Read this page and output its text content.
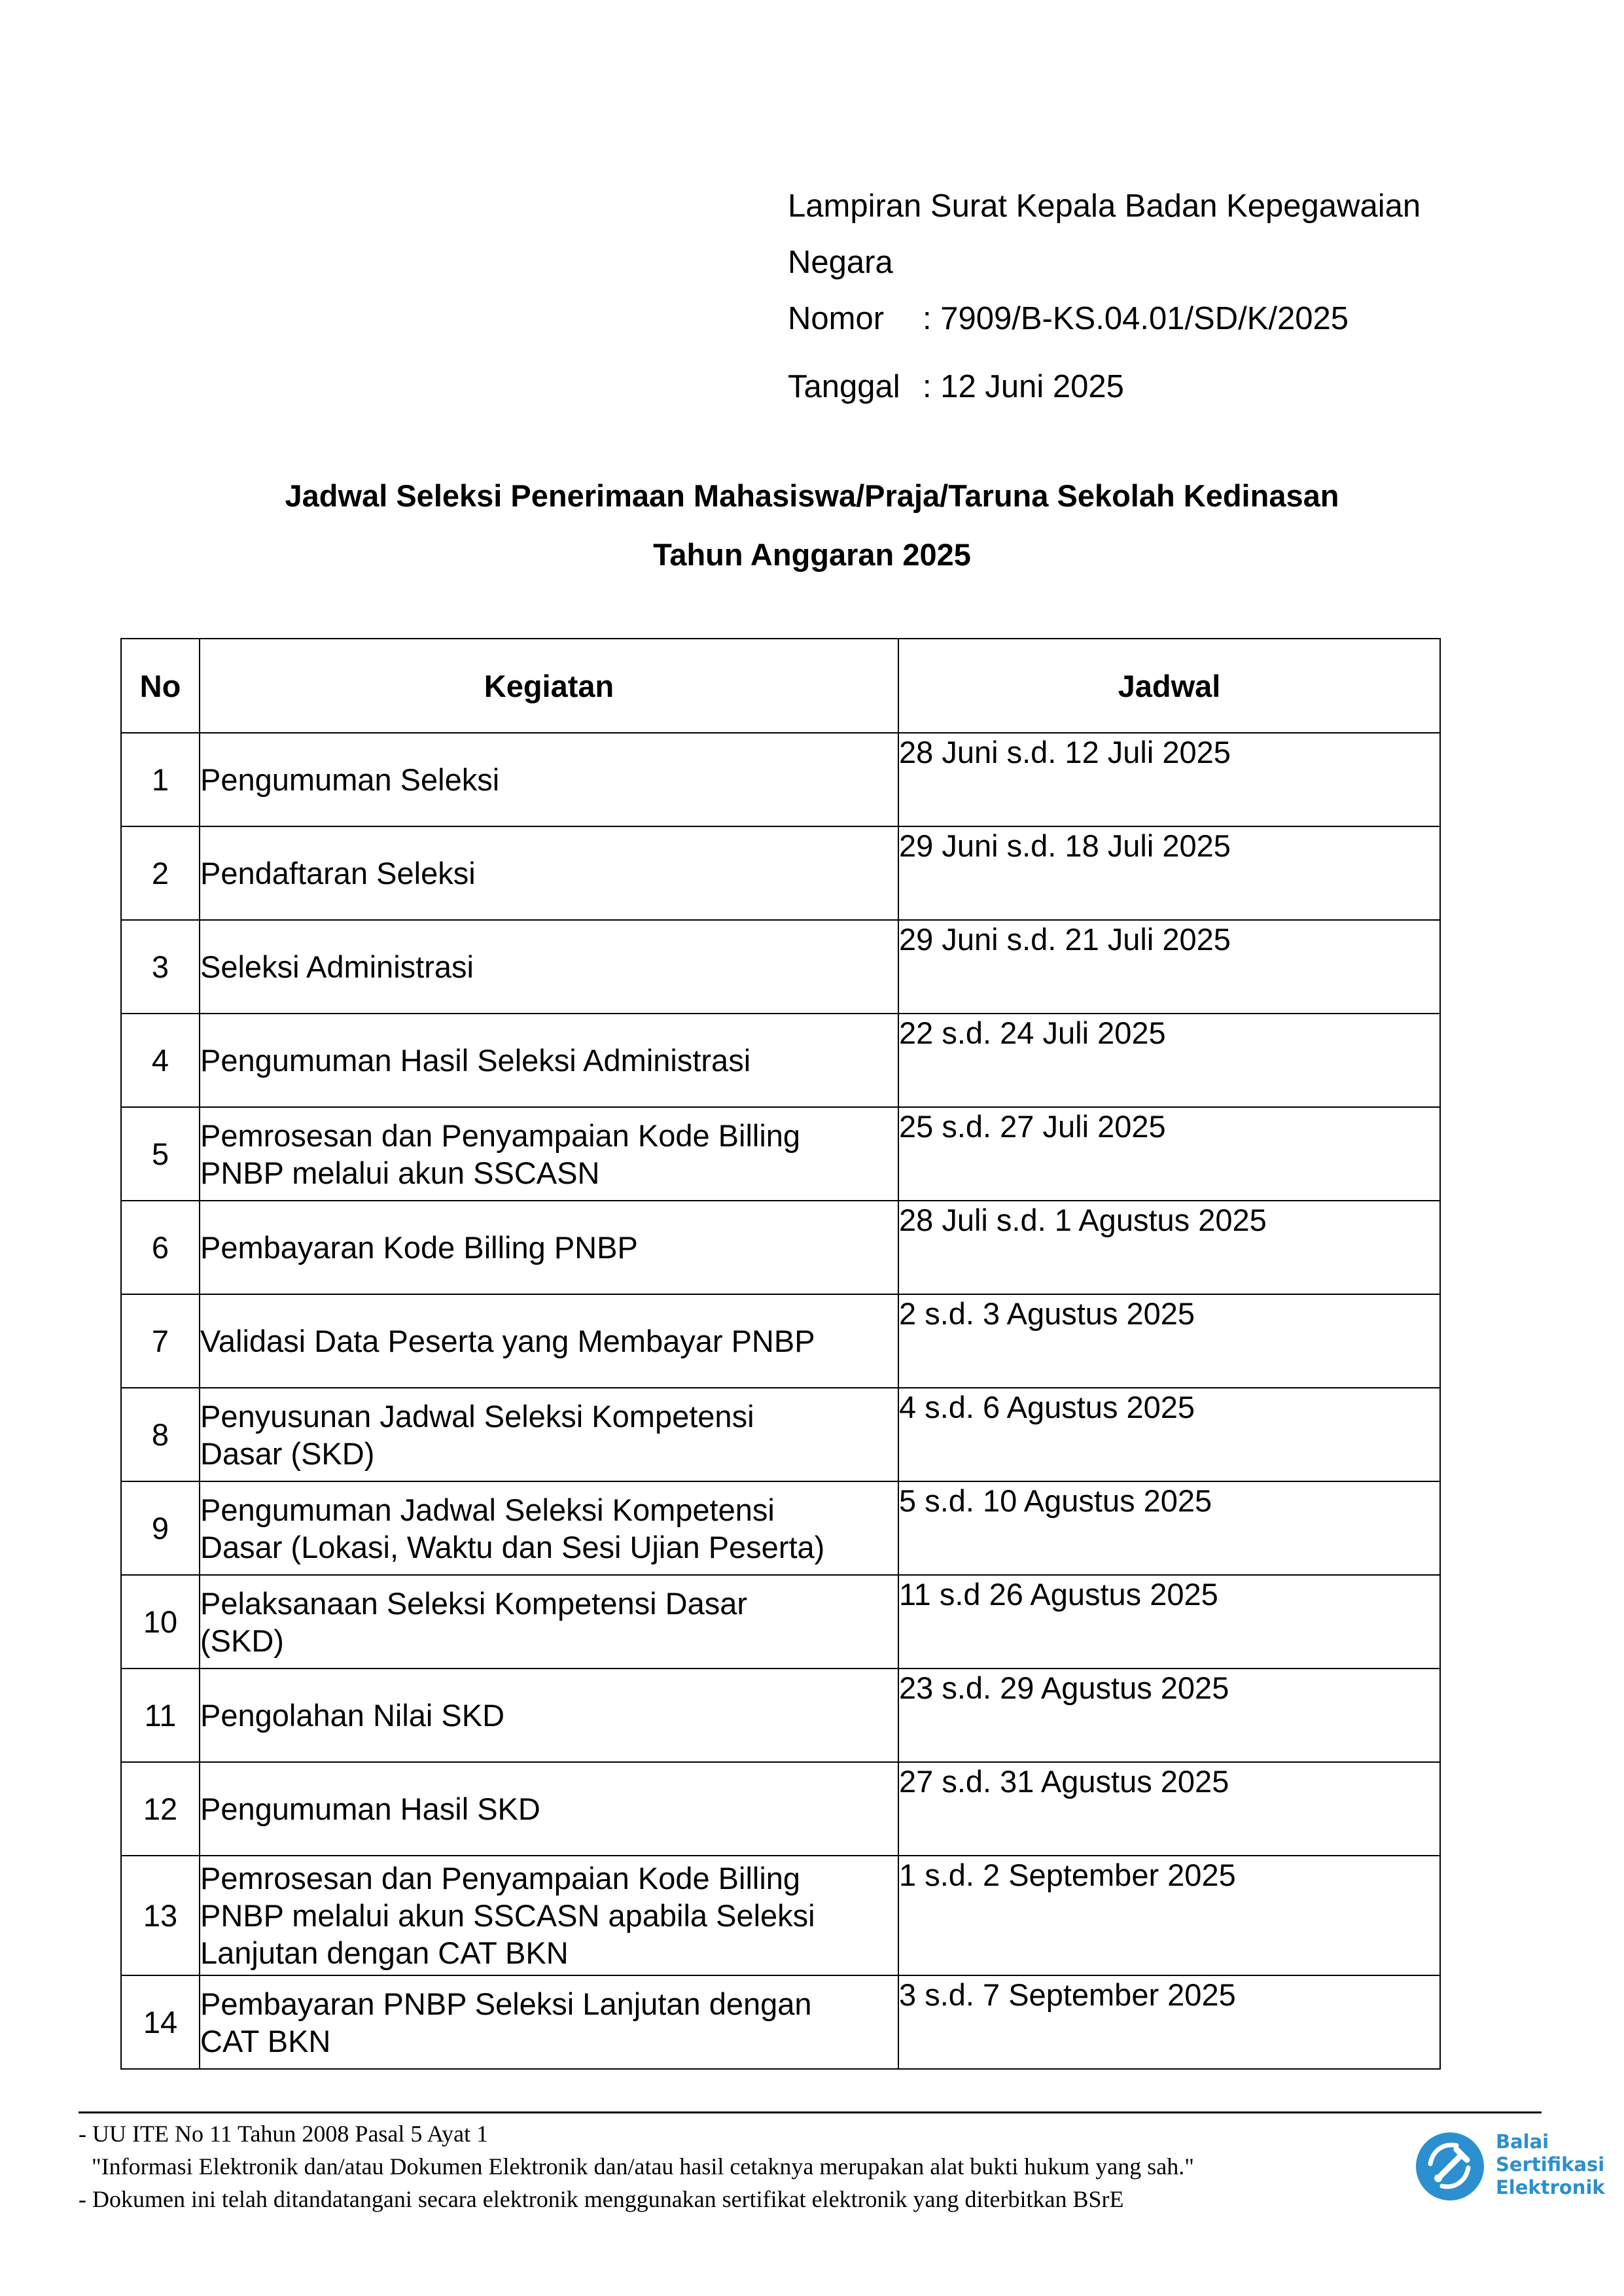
Lampiran Surat Kepala Badan Kepegawaian
Negara
Nomor : 7909/B-KS.04.01/SD/K/2025
Tanggal : 12 Juni 2025
Jadwal Seleksi Penerimaan Mahasiswa/Praja/Taruna Sekolah Kedinasan
Tahun Anggaran 2025
No	Kegiatan	Jadwal
1	Pengumuman Seleksi	28 Juni s.d. 12 Juli 2025
2	Pendaftaran Seleksi	29 Juni s.d. 18 Juli 2025
3	Seleksi Administrasi	29 Juni s.d. 21 Juli 2025
4	Pengumuman Hasil Seleksi Administrasi	22 s.d. 24 Juli 2025
5	Pemrosesan dan Penyampaian Kode Billing
PNBP melalui akun SSCASN	25 s.d. 27 Juli 2025
6	Pembayaran Kode Billing PNBP	28 Juli s.d. 1 Agustus 2025
7	Validasi Data Peserta yang Membayar PNBP	2 s.d. 3 Agustus 2025
8	Penyusunan Jadwal Seleksi Kompetensi
Dasar (SKD)	4 s.d. 6 Agustus 2025
9	Pengumuman Jadwal Seleksi Kompetensi
Dasar (Lokasi, Waktu dan Sesi Ujian Peserta)	5 s.d. 10 Agustus 2025
10	Pelaksanaan Seleksi Kompetensi Dasar
(SKD)	11 s.d 26 Agustus 2025
11	Pengolahan Nilai SKD	23 s.d. 29 Agustus 2025
12	Pengumuman Hasil SKD	27 s.d. 31 Agustus 2025
13	Pemrosesan dan Penyampaian Kode Billing
PNBP melalui akun SSCASN apabila Seleksi
Lanjutan dengan CAT BKN	1 s.d. 2 September 2025
14	Pembayaran PNBP Seleksi Lanjutan dengan
CAT BKN	3 s.d. 7 September 2025
- UU ITE No 11 Tahun 2008 Pasal 5 Ayat 1
"Informasi Elektronik dan/atau Dokumen Elektronik dan/atau hasil cetaknya merupakan alat bukti hukum yang sah."
- Dokumen ini telah ditandatangani secara elektronik menggunakan sertifikat elektronik yang diterbitkan BSrE
Balai
Sertifikasi
Elektronik
